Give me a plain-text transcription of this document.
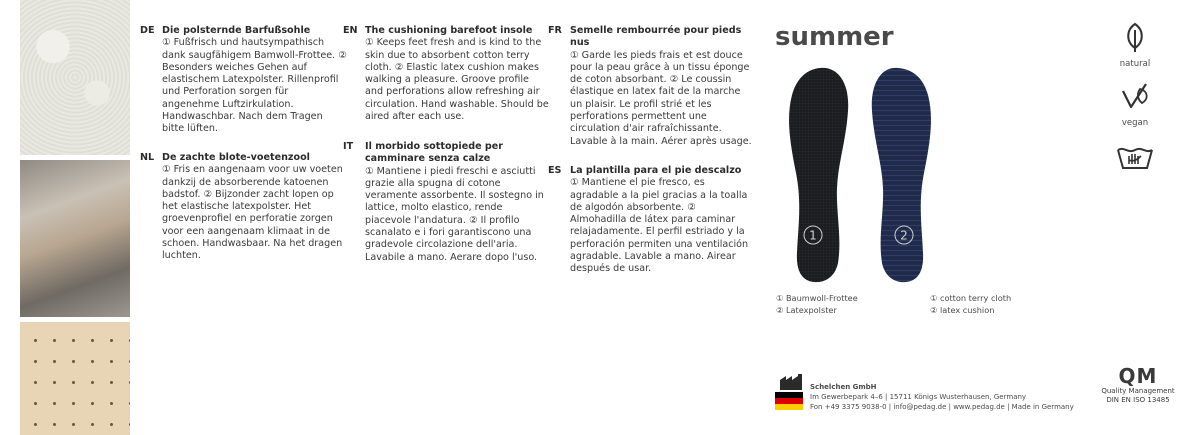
DE Die polsternde Barfußsohle

① Fußfrisch und hautsympathisch dank saugfähigem Bamwoll-Frottee. ② Besonders weiches Gehen auf elastischem Latexpolster. Rillenprofil und Perforation sorgen für angenehme Luftzirkulation. Handwaschbar. Nach dem Tragen bitte lüften.

NL De zachte blote-voetenzool

① Fris en aangenaam voor uw voeten dankzij de absorberende katoenen badstof. ② Bijzonder zacht lopen op het elastische latexpolster. Het groevenprofiel en perforatie zorgen voor een aangenaam klimaat in de schoen. Handwasbaar. Na het dragen luchten.

EN The cushioning barefoot insole

① Keeps feet fresh and is kind to the skin due to absorbent cotton terry cloth. ② Elastic latex cushion makes walking a pleasure. Groove profile and perforations allow refreshing air circulation. Hand washable. Should be aired after each use.

IT Il morbido sottopiede per camminare senza calze

① Mantiene i piedi freschi e asciutti grazie alla spugna di cotone veramente assorbente. Il sostegno in lattice, molto elastico, rende piacevole l'andatura. ② Il profilo scanalato e i fori garantiscono una gradevole circolazione dell'aria. Lavabile a mano. Aerare dopo l'uso.

FR Semelle rembourrée pour pieds nus

① Garde les pieds frais et est douce pour la peau grâce à un tissu éponge de coton absorbant. ② Le coussin élastique en latex fait de la marche un plaisir. Le profil strié et les perforations permettent une circulation d'air rafraîchissante. Lavable à la main. Aérer après usage.

ES La plantilla para el pie descalzo

① Mantiene el pie fresco, es agradable a la piel gracias a la toalla de algodón absorbente. ② Almohadilla de látex para caminar relajadamente. El perfil estriado y la perforación permiten una ventilación agradable. Lavable a mano. Airear después de usar.

summer
1	2
① Baumwoll-Frottee
② Latexpolster
① cotton terry cloth
② latex cushion
natural
vegan
Schelchen GmbH
Im Gewerbepark 4–6 | 15711 Königs Wusterhausen, Germany
Fon +49 3375 9038-0 | info@pedag.de | www.pedag.de | Made in Germany
QM
Quality Management
DIN EN ISO 13485
